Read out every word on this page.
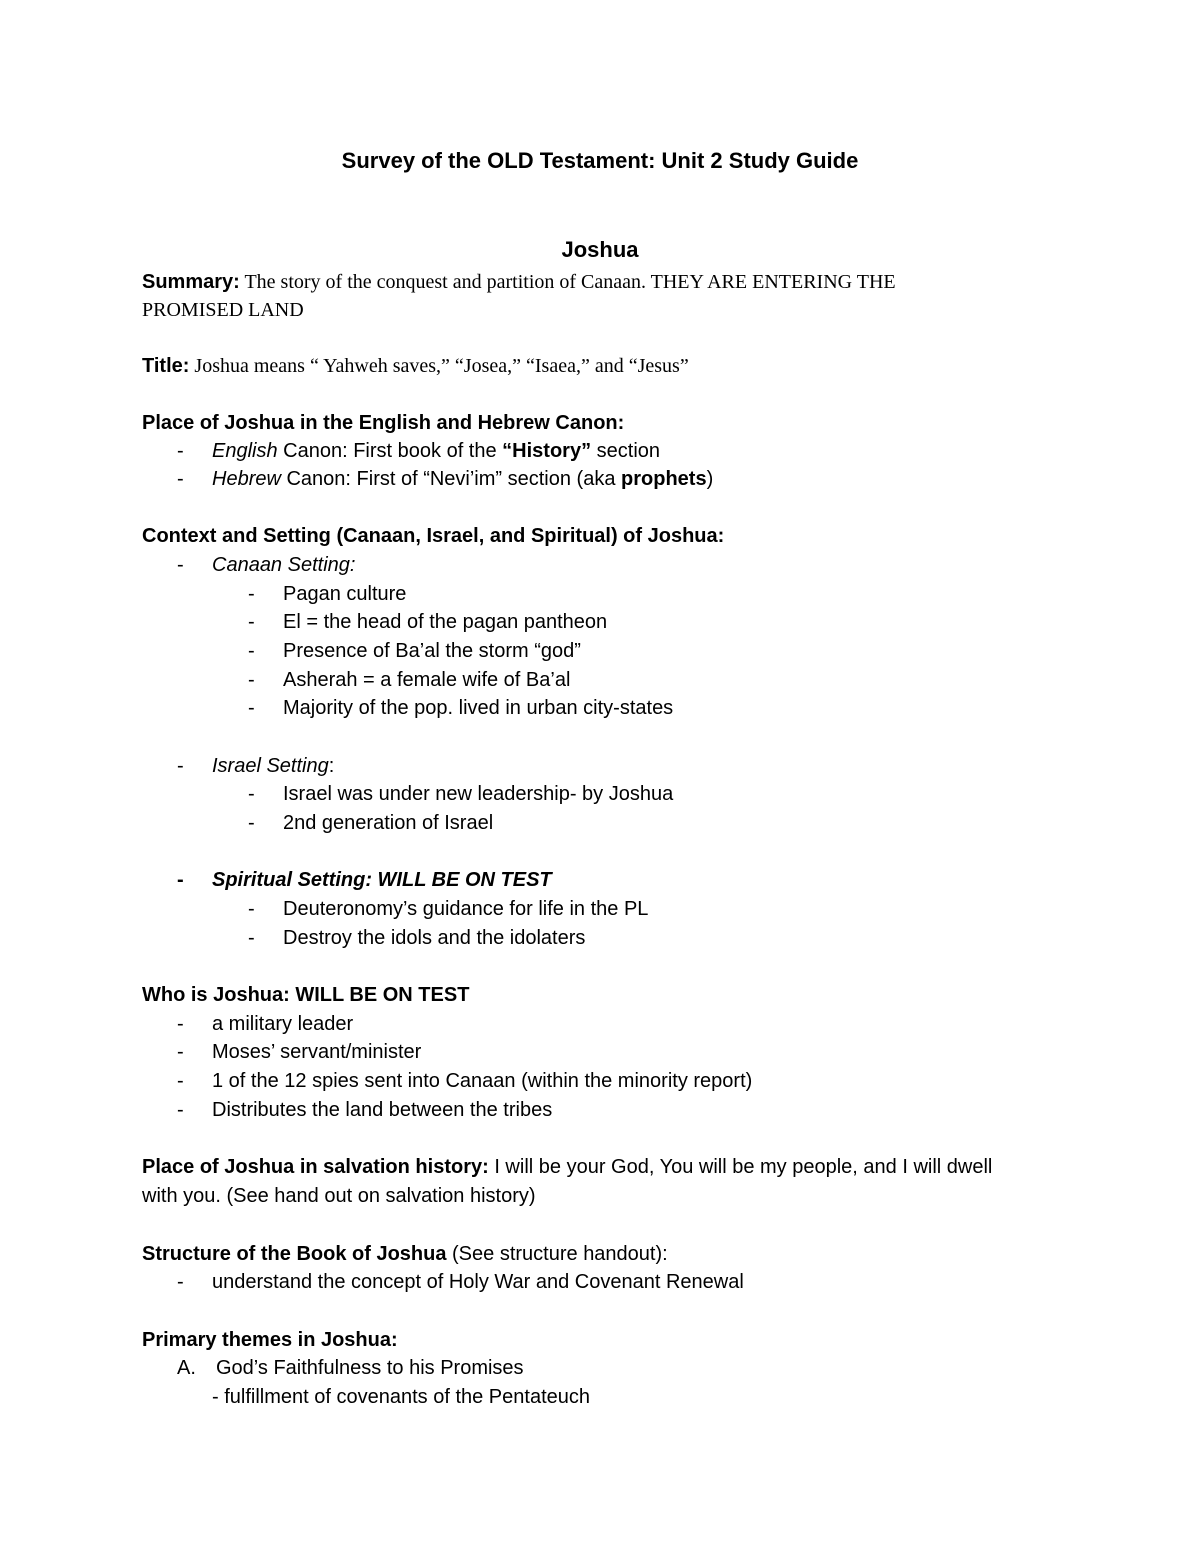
Survey of the OLD Testament: Unit 2 Study Guide
Joshua
Summary: The story of the conquest and partition of Canaan. THEY ARE ENTERING THE
PROMISED LAND
Title: Joshua means “ Yahweh saves,” “Josea,” “Isaea,” and “Jesus”
Place of Joshua in the English and Hebrew Canon:
- English Canon: First book of the “History” section
- Hebrew Canon: First of “Nevi’im” section (aka prophets)
Context and Setting (Canaan, Israel, and Spiritual) of Joshua:
- Canaan Setting:
- Pagan culture
- El = the head of the pagan pantheon
- Presence of Ba’al the storm “god”
- Asherah = a female wife of Ba’al
- Majority of the pop. lived in urban city-states
- Israel Setting:
- Israel was under new leadership- by Joshua
- 2nd generation of Israel
- Spiritual Setting: WILL BE ON TEST
- Deuteronomy’s guidance for life in the PL
- Destroy the idols and the idolaters
Who is Joshua: WILL BE ON TEST
- a military leader
- Moses’ servant/minister
- 1 of the 12 spies sent into Canaan (within the minority report)
- Distributes the land between the tribes
Place of Joshua in salvation history: I will be your God, You will be my people, and I will dwell
with you. (See hand out on salvation history)
Structure of the Book of Joshua (See structure handout):
- understand the concept of Holy War and Covenant Renewal
Primary themes in Joshua:
A. God’s Faithfulness to his Promises
- fulfillment of covenants of the Pentateuch
